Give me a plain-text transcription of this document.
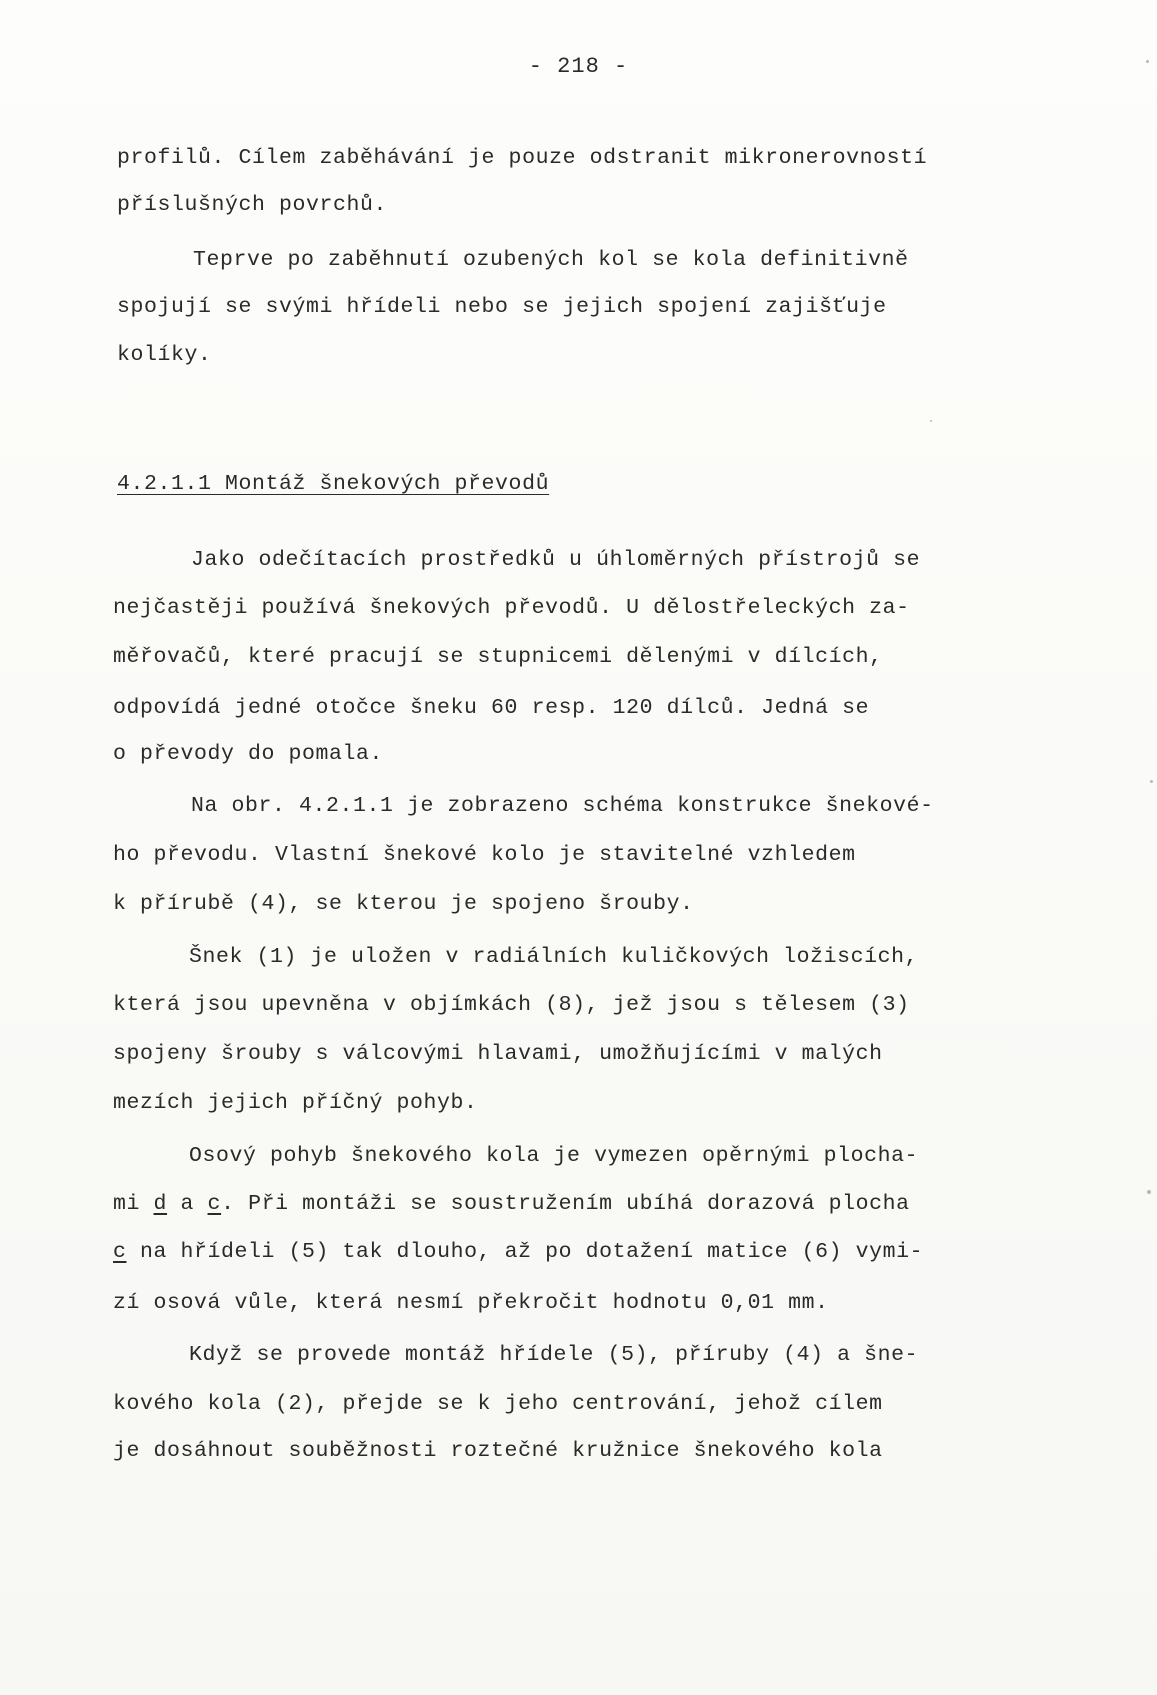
- 218 -
profilů. Cílem zaběhávání je pouze odstranit mikronerovností
příslušných povrchů.
Teprve po zaběhnutí ozubených kol se kola definitivně
spojují se svými hřídeli nebo se jejich spojení zajišťuje
kolíky.
4.2.1.1 Montáž šnekových převodů
Jako odečítacích prostředků u úhloměrných přístrojů se
nejčastěji používá šnekových převodů. U dělostřeleckých za-
měřovačů, které pracují se stupnicemi dělenými v dílcích,
odpovídá jedné otočce šneku 60 resp. 120 dílců. Jedná se
o převody do pomala.
Na obr. 4.2.1.1 je zobrazeno schéma konstrukce šnekové-
ho převodu. Vlastní šnekové kolo je stavitelné vzhledem
k přírubě (4), se kterou je spojeno šrouby.
Šnek (1) je uložen v radiálních kuličkových ložiscích,
která jsou upevněna v objímkách (8), jež jsou s tělesem (3)
spojeny šrouby s válcovými hlavami, umožňujícími v malých
mezích jejich příčný pohyb.
Osový pohyb šnekového kola je vymezen opěrnými plocha-
mi d a c. Při montáži se soustružením ubíhá dorazová plocha
c na hřídeli (5) tak dlouho, až po dotažení matice (6) vymi-
zí osová vůle, která nesmí překročit hodnotu 0,01 mm.
Když se provede montáž hřídele (5), příruby (4) a šne-
kového kola (2), přejde se k jeho centrování, jehož cílem
je dosáhnout souběžnosti roztečné kružnice šnekového kola
